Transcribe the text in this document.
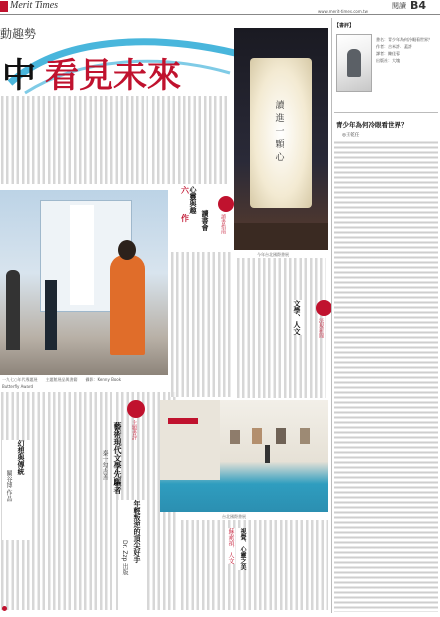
Merit Times
www.merit-times.com.tw
閱讀 B4
動趣勢
中 看見未來
六
作
心靈與趣
讀書會
Butterfly Award
一九七○年代專題展　　主題館展品與書籍　　攝影：Kenny Book
幻想與傳統
關谷博 作品
年輕叛逆的頂尖好手
Dr. Zzp 出版
讀書指南
主題書評
藝術現代文學先驅者
秦一勾吉善
讀
進
一
顆
心
今年台北國際書展
文學、人文	法規新聞
台北國際書展
視覺、心靈之美
蘇素禎．人文
【書評】
書名：青少年為何冷眼看世界？
作者：吉米許．蓋許
譯者：陳佳蓉
出版社：大塊
青少年為何冷眼看世界？
◎王乾任
